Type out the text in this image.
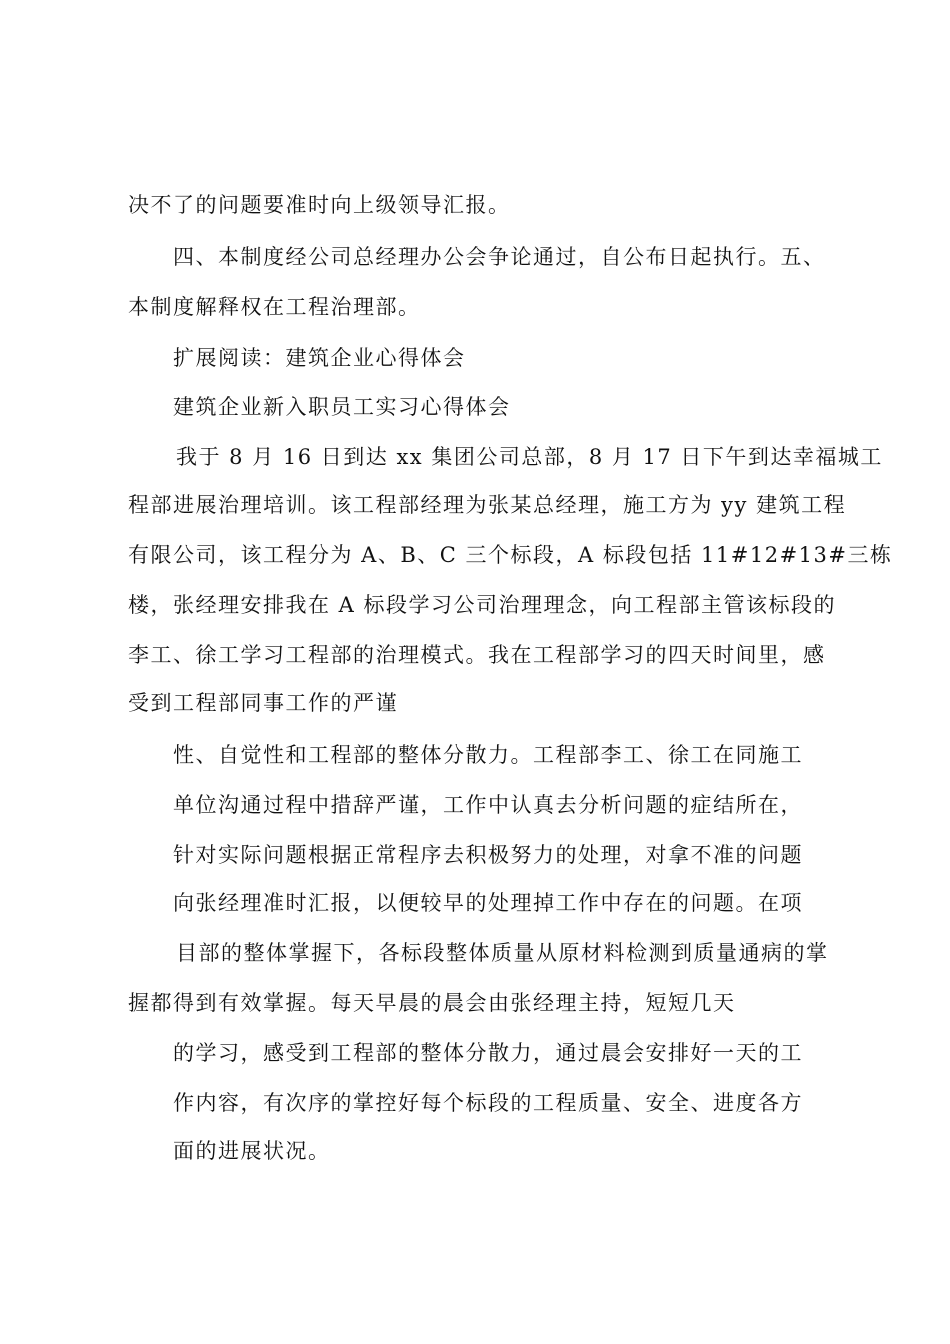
决不了的问题要准时向上级领导汇报。
四、本制度经公司总经理办公会争论通过，自公布日起执行。五、
本制度解释权在工程治理部。
扩展阅读：建筑企业心得体会
建筑企业新入职员工实习心得体会
我于 8 月 16 日到达 xx 集团公司总部，8 月 17 日下午到达幸福城工
程部进展治理培训。该工程部经理为张某总经理，施工方为 yy 建筑工程
有限公司，该工程分为 A、B、C 三个标段，A 标段包括 11#12#13#三栋
楼，张经理安排我在 A 标段学习公司治理理念，向工程部主管该标段的
李工、徐工学习工程部的治理模式。我在工程部学习的四天时间里，感
受到工程部同事工作的严谨
性、自觉性和工程部的整体分散力。工程部李工、徐工在同施工
单位沟通过程中措辞严谨，工作中认真去分析问题的症结所在，
针对实际问题根据正常程序去积极努力的处理，对拿不准的问题
向张经理准时汇报，以便较早的处理掉工作中存在的问题。在项
目部的整体掌握下，各标段整体质量从原材料检测到质量通病的掌
握都得到有效掌握。每天早晨的晨会由张经理主持，短短几天
的学习，感受到工程部的整体分散力，通过晨会安排好一天的工
作内容，有次序的掌控好每个标段的工程质量、安全、进度各方
面的进展状况。
